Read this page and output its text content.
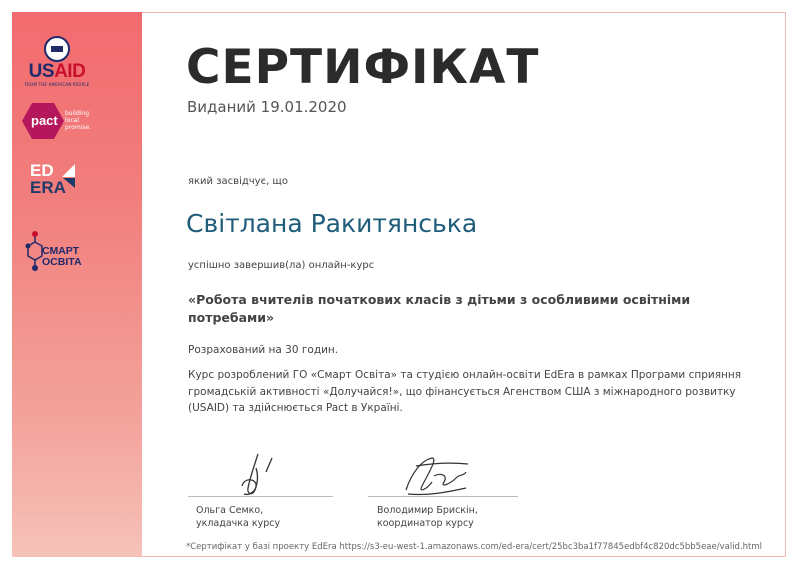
USAID
FROM THE AMERICAN PEOPLE
pact building local promise.
ED
ERA
СМАРТ
ОСВІТА
СЕРТИФІКАТ
Виданий 19.01.2020
який засвідчує, що
Світлана Ракитянська
успішно завершив(ла) онлайн-курс
«Робота вчителів початкових класів з дітьми з особливими освітніми потребами»
Розрахований на 30 годин.
Курс розроблений ГО «Смарт Освіта» та студією онлайн-освіти EdEra в рамках Програми сприяння громадській активності «Долучайся!», що фінансується Агенством США з міжнародного розвитку (USAID) та здійснюється Pact в Україні.
Ольга Семко,
укладачка курсу
Володимир Брискін,
координатор курсу
*Сертифікат у базі проекту EdEra https://s3-eu-west-1.amazonaws.com/ed-era/cert/25bc3ba1f77845edbf4c820dc5bb5eae/valid.html
